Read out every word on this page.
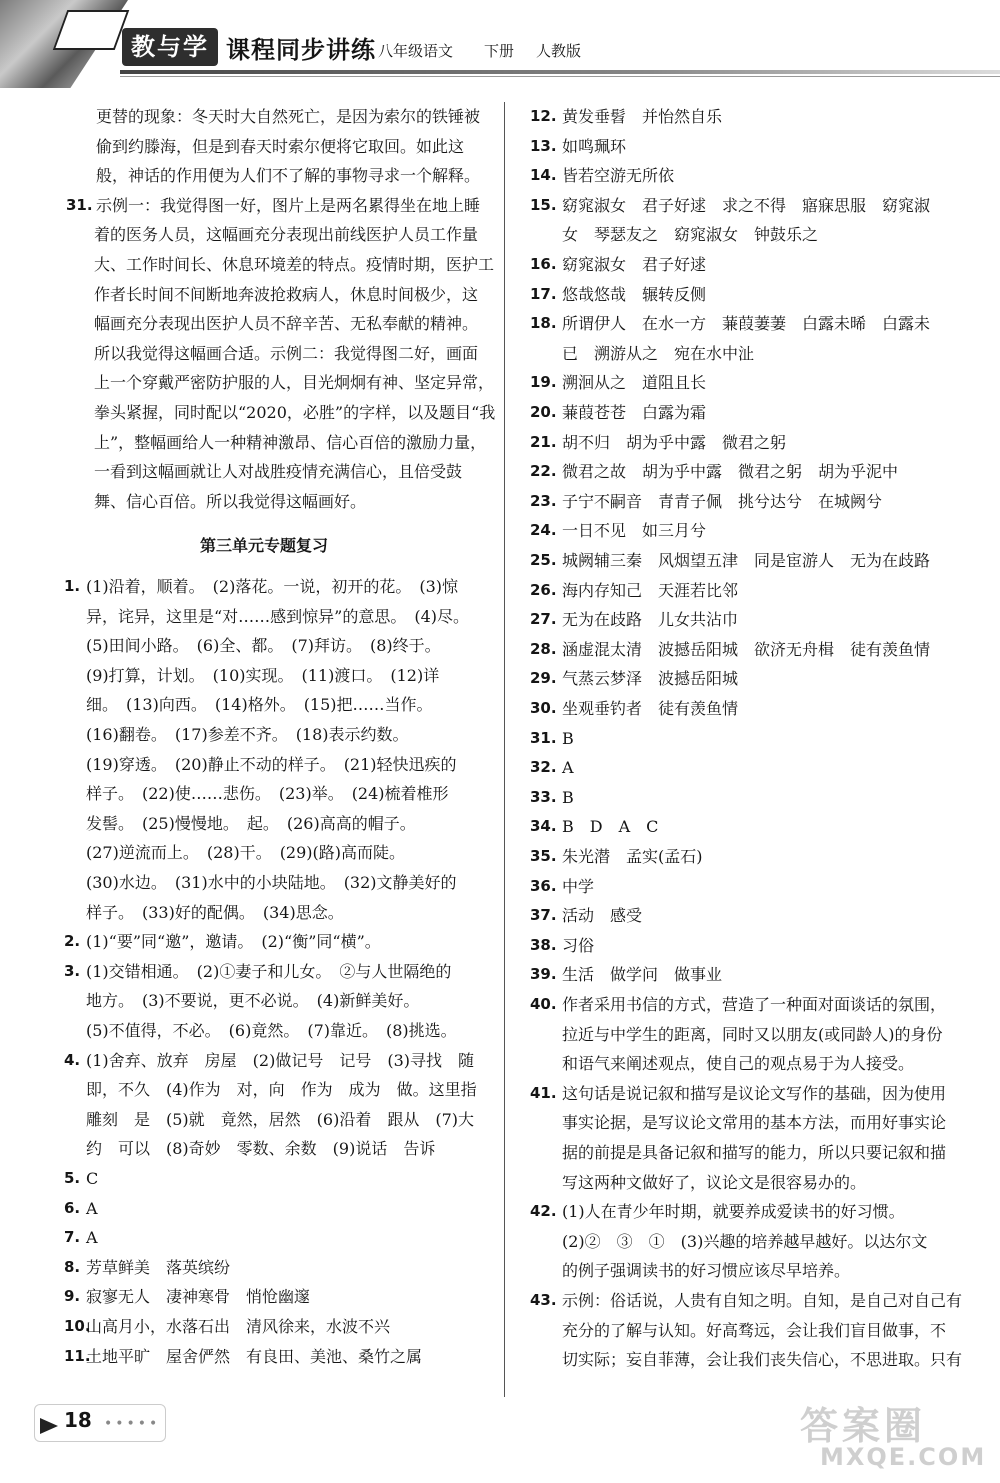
教与学 课程同步讲练 八年级语文 下册 人教版
更替的现象：冬天时大自然死亡，是因为索尔的铁锤被
偷到约滕海，但是到春天时索尔便将它取回。如此这
般，神话的作用便为人们不了解的事物寻求一个解释。
31. 示例一：我觉得图一好，图片上是两名累得坐在地上睡
着的医务人员，这幅画充分表现出前线医护人员工作量
大、工作时间长、休息环境差的特点。疫情时期，医护工
作者长时间不间断地奔波抢救病人，休息时间极少，这
幅画充分表现出医护人员不辞辛苦、无私奉献的精神。
所以我觉得这幅画合适。示例二：我觉得图二好，画面
上一个穿戴严密防护服的人，目光炯炯有神、坚定异常，
拳头紧握，同时配以“2020，必胜”的字样，以及题目“我
上”，整幅画给人一种精神激昂、信心百倍的激励力量，
一看到这幅画就让人对战胜疫情充满信心，且倍受鼓
舞、信心百倍。所以我觉得这幅画好。
1. (1)沿着，顺着。　(2)落花。一说，初开的花。　(3)惊
异，诧异，这里是“对……感到惊异”的意思。　(4)尽。
(5)田间小路。　(6)全、都。　(7)拜访。　(8)终于。
(9)打算，计划。　(10)实现。　(11)渡口。　(12)详
细。　(13)向西。　(14)格外。　(15)把……当作。
(16)翻卷。　(17)参差不齐。　(18)表示约数。
(19)穿透。　(20)静止不动的样子。　(21)轻快迅疾的
样子。　(22)使……悲伤。　(23)举。　(24)梳着椎形
发髻。　(25)慢慢地。　起。　(26)高高的帽子。
(27)逆流而上。　(28)干。　(29)(路)高而陡。
(30)水边。　(31)水中的小块陆地。　(32)文静美好的
样子。　(33)好的配偶。　(34)思念。
2. (1)“要”同“邀”，邀请。　(2)“衡”同“横”。
3. (1)交错相通。　(2)①妻子和儿女。　②与人世隔绝的
地方。　(3)不要说，更不必说。　(4)新鲜美好。
(5)不值得，不必。　(6)竟然。　(7)靠近。　(8)挑选。
4. (1)舍弃、放弃　房屋　(2)做记号　记号　(3)寻找　随
即，不久　(4)作为　对，向　作为　成为　做。这里指
雕刻　是　(5)就　竟然，居然　(6)沿着　跟从　(7)大
约　可以　(8)奇妙　零数、余数　(9)说话　告诉
5. C
6. A
7. A
8. 芳草鲜美　落英缤纷
9. 寂寥无人　凄神寒骨　悄怆幽邃
10.
山高月小，水落石出　清风徐来，水波不兴
11.
土地平旷　屋舍俨然　有良田、美池、桑竹之属
第三单元专题复习
12. 黄发垂髫　并怡然自乐
13. 如鸣珮环
14. 皆若空游无所依
15. 窈窕淑女　君子好逑　求之不得　寤寐思服　窈窕淑
女　琴瑟友之　窈窕淑女　钟鼓乐之
16. 窈窕淑女　君子好逑
17. 悠哉悠哉　辗转反侧
18. 所谓伊人　在水一方　蒹葭萋萋　白露未晞　白露未
已　溯游从之　宛在水中沚
19. 溯洄从之　道阻且长
20. 蒹葭苍苍　白露为霜
21. 胡不归　胡为乎中露　微君之躬
22. 微君之故　胡为乎中露　微君之躬　胡为乎泥中
23. 子宁不嗣音　青青子佩　挑兮达兮　在城阙兮
24. 一日不见　如三月兮
25. 城阙辅三秦　风烟望五津　同是宦游人　无为在歧路
26. 海内存知己　天涯若比邻
27. 无为在歧路　儿女共沾巾
28. 涵虚混太清　波撼岳阳城　欲济无舟楫　徒有羡鱼情
29. 气蒸云梦泽　波撼岳阳城
30. 坐观垂钓者　徒有羡鱼情
31. B
32. A
33. B
34. B　D　A　C
35. 朱光潜　孟实(孟石)
36. 中学
37. 活动　感受
38. 习俗
39. 生活　做学问　做事业
40. 作者采用书信的方式，营造了一种面对面谈话的氛围，
拉近与中学生的距离，同时又以朋友(或同龄人)的身份
和语气来阐述观点，使自己的观点易于为人接受。
41. 这句话是说记叙和描写是议论文写作的基础，因为使用
事实论据，是写议论文常用的基本方法，而用好事实论
据的前提是具备记叙和描写的能力，所以只要记叙和描
写这两种文做好了，议论文是很容易办的。
42. (1)人在青少年时期，就要养成爱读书的好习惯。
(2)②　③　①　(3)兴趣的培养越早越好。以达尔文
的例子强调读书的好习惯应该尽早培养。
43. 示例：俗话说，人贵有自知之明。自知，是自己对自己有
充分的了解与认知。好高骛远，会让我们盲目做事，不
切实际；妄自菲薄，会让我们丧失信心，不思进取。只有
18 •••••	答案圈
MXQE.COM
